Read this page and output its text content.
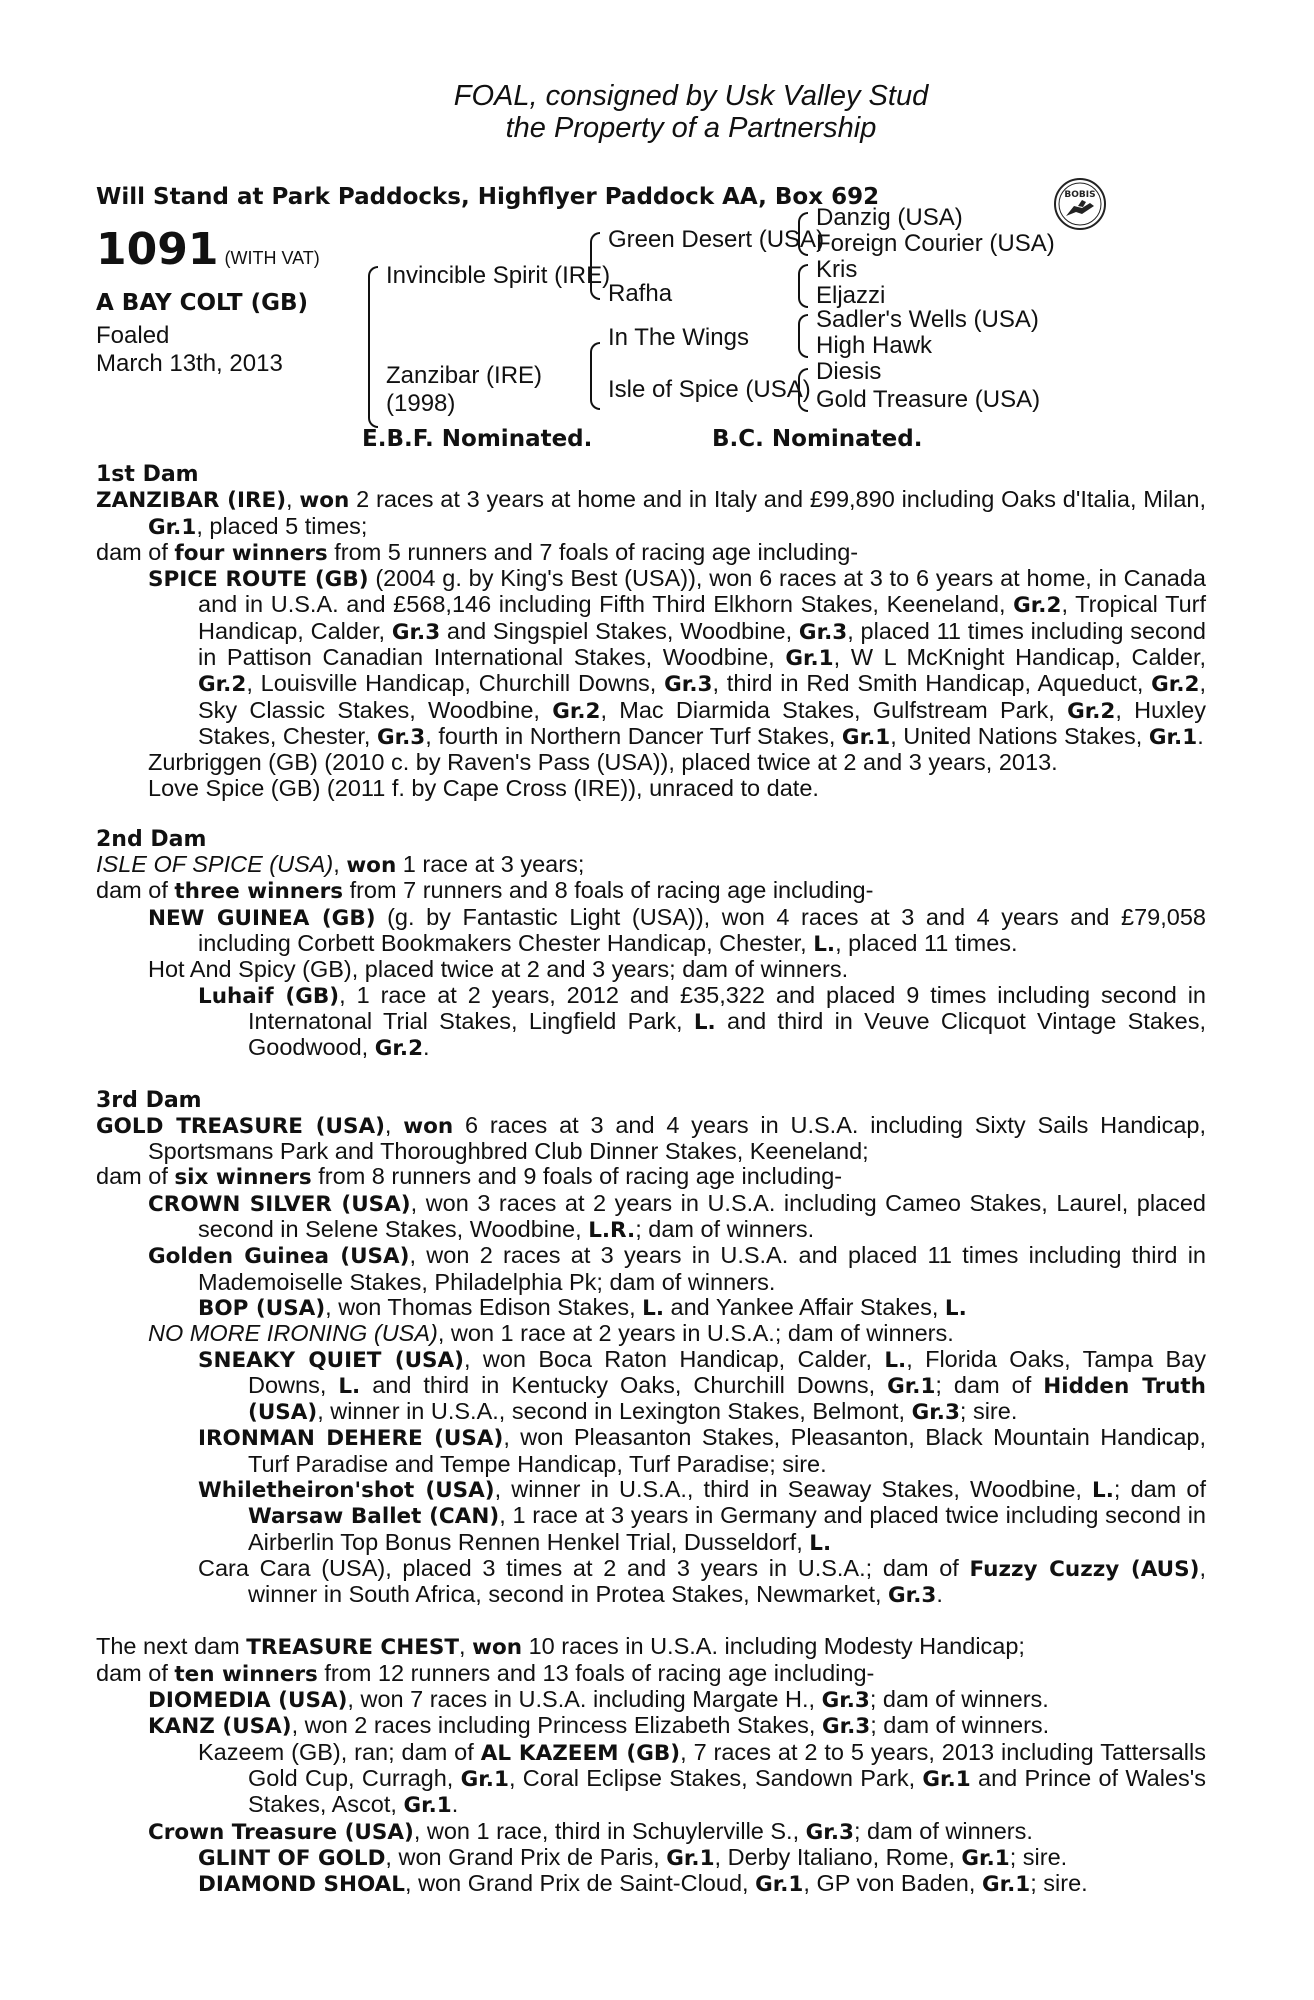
FOAL, consigned by Usk Valley Stud
the Property of a Partnership
Will Stand at Park Paddocks, Highflyer Paddock AA, Box 692	BOBIS
1091 (WITH VAT)
A BAY COLT (GB)
Foaled
March 13th, 2013
Invincible Spirit (IRE)
Zanzibar (IRE)
(1998)
Green Desert (USA)
Rafha
In The Wings
Isle of Spice (USA)
Danzig (USA)
Foreign Courier (USA)
Kris
Eljazzi
Sadler's Wells (USA)
High Hawk
Diesis
Gold Treasure (USA)
E.B.F. Nominated.	B.C. Nominated.
1st Dam
ZANZIBAR (IRE), won 2 races at 3 years at home and in Italy and £99,890 including Oaks d'Italia, Milan, Gr.1, placed 5 times;
dam of four winners from 5 runners and 7 foals of racing age including-
SPICE ROUTE (GB) (2004 g. by King's Best (USA)), won 6 races at 3 to 6 years at home, in Canada and in U.S.A. and £568,146 including Fifth Third Elkhorn Stakes, Keeneland, Gr.2, Tropical Turf Handicap, Calder, Gr.3 and Singspiel Stakes, Woodbine, Gr.3, placed 11 times including second in Pattison Canadian International Stakes, Woodbine, Gr.1, W L McKnight Handicap, Calder, Gr.2, Louisville Handicap, Churchill Downs, Gr.3, third in Red Smith Handicap, Aqueduct, Gr.2, Sky Classic Stakes, Woodbine, Gr.2, Mac Diarmida Stakes, Gulfstream Park, Gr.2, Huxley Stakes, Chester, Gr.3, fourth in Northern Dancer Turf Stakes, Gr.1, United Nations Stakes, Gr.1.
Zurbriggen (GB) (2010 c. by Raven's Pass (USA)), placed twice at 2 and 3 years, 2013.
Love Spice (GB) (2011 f. by Cape Cross (IRE)), unraced to date.
2nd Dam
ISLE OF SPICE (USA), won 1 race at 3 years;
dam of three winners from 7 runners and 8 foals of racing age including-
NEW GUINEA (GB) (g. by Fantastic Light (USA)), won 4 races at 3 and 4 years and £79,058 including Corbett Bookmakers Chester Handicap, Chester, L., placed 11 times.
Hot And Spicy (GB), placed twice at 2 and 3 years; dam of winners.
Luhaif (GB), 1 race at 2 years, 2012 and £35,322 and placed 9 times including second in Internatonal Trial Stakes, Lingfield Park, L. and third in Veuve Clicquot Vintage Stakes, Goodwood, Gr.2.
3rd Dam
GOLD TREASURE (USA), won 6 races at 3 and 4 years in U.S.A. including Sixty Sails Handicap, Sportsmans Park and Thoroughbred Club Dinner Stakes, Keeneland;
dam of six winners from 8 runners and 9 foals of racing age including-
CROWN SILVER (USA), won 3 races at 2 years in U.S.A. including Cameo Stakes, Laurel, placed second in Selene Stakes, Woodbine, L.R.; dam of winners.
Golden Guinea (USA), won 2 races at 3 years in U.S.A. and placed 11 times including third in Mademoiselle Stakes, Philadelphia Pk; dam of winners.
BOP (USA), won Thomas Edison Stakes, L. and Yankee Affair Stakes, L.
NO MORE IRONING (USA), won 1 race at 2 years in U.S.A.; dam of winners.
SNEAKY QUIET (USA), won Boca Raton Handicap, Calder, L., Florida Oaks, Tampa Bay Downs, L. and third in Kentucky Oaks, Churchill Downs, Gr.1; dam of Hidden Truth (USA), winner in U.S.A., second in Lexington Stakes, Belmont, Gr.3; sire.
IRONMAN DEHERE (USA), won Pleasanton Stakes, Pleasanton, Black Mountain Handicap, Turf Paradise and Tempe Handicap, Turf Paradise; sire.
Whiletheiron'shot (USA), winner in U.S.A., third in Seaway Stakes, Woodbine, L.; dam of Warsaw Ballet (CAN), 1 race at 3 years in Germany and placed twice including second in Airberlin Top Bonus Rennen Henkel Trial, Dusseldorf, L.
Cara Cara (USA), placed 3 times at 2 and 3 years in U.S.A.; dam of Fuzzy Cuzzy (AUS), winner in South Africa, second in Protea Stakes, Newmarket, Gr.3.
The next dam TREASURE CHEST, won 10 races in U.S.A. including Modesty Handicap;
dam of ten winners from 12 runners and 13 foals of racing age including-
DIOMEDIA (USA), won 7 races in U.S.A. including Margate H., Gr.3; dam of winners.
KANZ (USA), won 2 races including Princess Elizabeth Stakes, Gr.3; dam of winners.
Kazeem (GB), ran; dam of AL KAZEEM (GB), 7 races at 2 to 5 years, 2013 including Tattersalls Gold Cup, Curragh, Gr.1, Coral Eclipse Stakes, Sandown Park, Gr.1 and Prince of Wales's Stakes, Ascot, Gr.1.
Crown Treasure (USA), won 1 race, third in Schuylerville S., Gr.3; dam of winners.
GLINT OF GOLD, won Grand Prix de Paris, Gr.1, Derby Italiano, Rome, Gr.1; sire.
DIAMOND SHOAL, won Grand Prix de Saint-Cloud, Gr.1, GP von Baden, Gr.1; sire.
